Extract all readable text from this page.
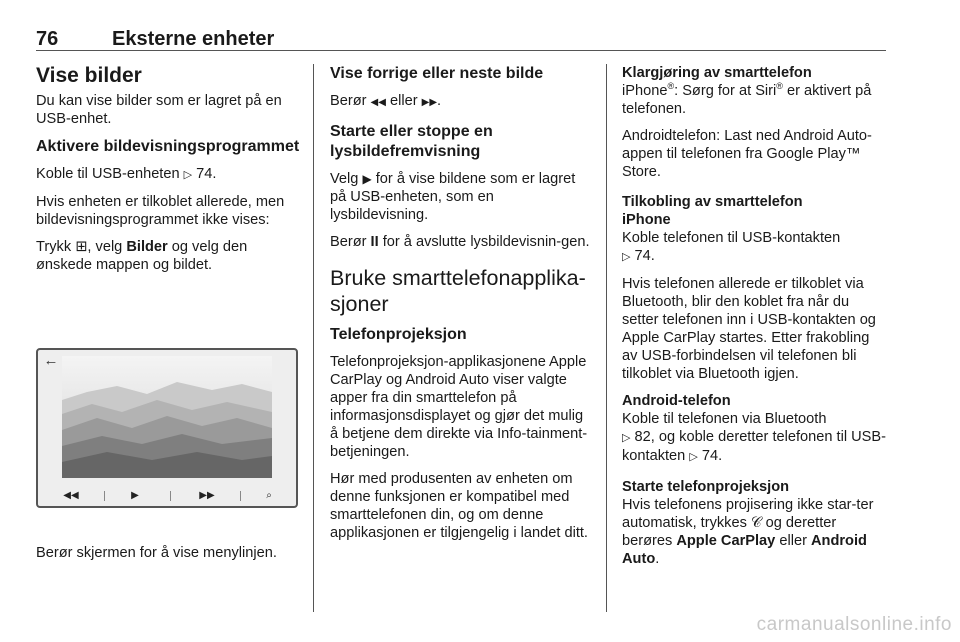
76	Eksterne enheter
Vise bilder

Du kan vise bilder som er lagret på en USB-enhet.

Aktivere bildevisningsprogrammet

Koble til USB-enheten ▷ 74.

Hvis enheten er tilkoblet allerede, men bildevisningsprogrammet ikke vises:

Trykk ⊞, velg Bilder og velg den ønskede mappen og bildet.

←
◀◀	▶	▶▶	⌕
Berør skjermen for å vise menylinjen.
Vise forrige eller neste bilde

Berør ◀◀ eller ▶▶.

Starte eller stoppe en lysbildefremvisning

Velg ▶ for å vise bildene som er lagret på USB-enheten, som en lysbildevisning.

Berør II for å avslutte lysbildevisnin-gen.

Bruke smarttelefonapplika-sjoner
Telefonprojeksjon

Telefonprojeksjon-applikasjonene Apple CarPlay og Android Auto viser valgte apper fra din smarttelefon på informasjonsdisplayet og gjør det mulig å betjene dem direkte via Info-tainment-betjeningen.

Hør med produsenten av enheten om denne funksjonen er kompatibel med smarttelefonen din, og om denne applikasjonen er tilgjengelig i landet ditt.

Klargjøring av smarttelefon

iPhone®: Sørg for at Siri® er aktivert på telefonen.

Androidtelefon: Last ned Android Auto-appen til telefonen fra Google Play™ Store.

Tilkobling av smarttelefon
iPhone

Koble telefonen til USB-kontakten
▷ 74.

Hvis telefonen allerede er tilkoblet via Bluetooth, blir den koblet fra når du setter telefonen inn i USB-kontakten og Apple CarPlay startes. Etter frakobling av USB-forbindelsen vil telefonen bli tilkoblet via Bluetooth igjen.

Android-telefon

Koble til telefonen via Bluetooth
▷ 82, og koble deretter telefonen til USB-kontakten ▷ 74.

Starte telefonprojeksjon

Hvis telefonens projisering ikke star-ter automatisk, trykkes 𝒞 og deretter berøres Apple CarPlay eller Android Auto.

carmanualsonline.info
